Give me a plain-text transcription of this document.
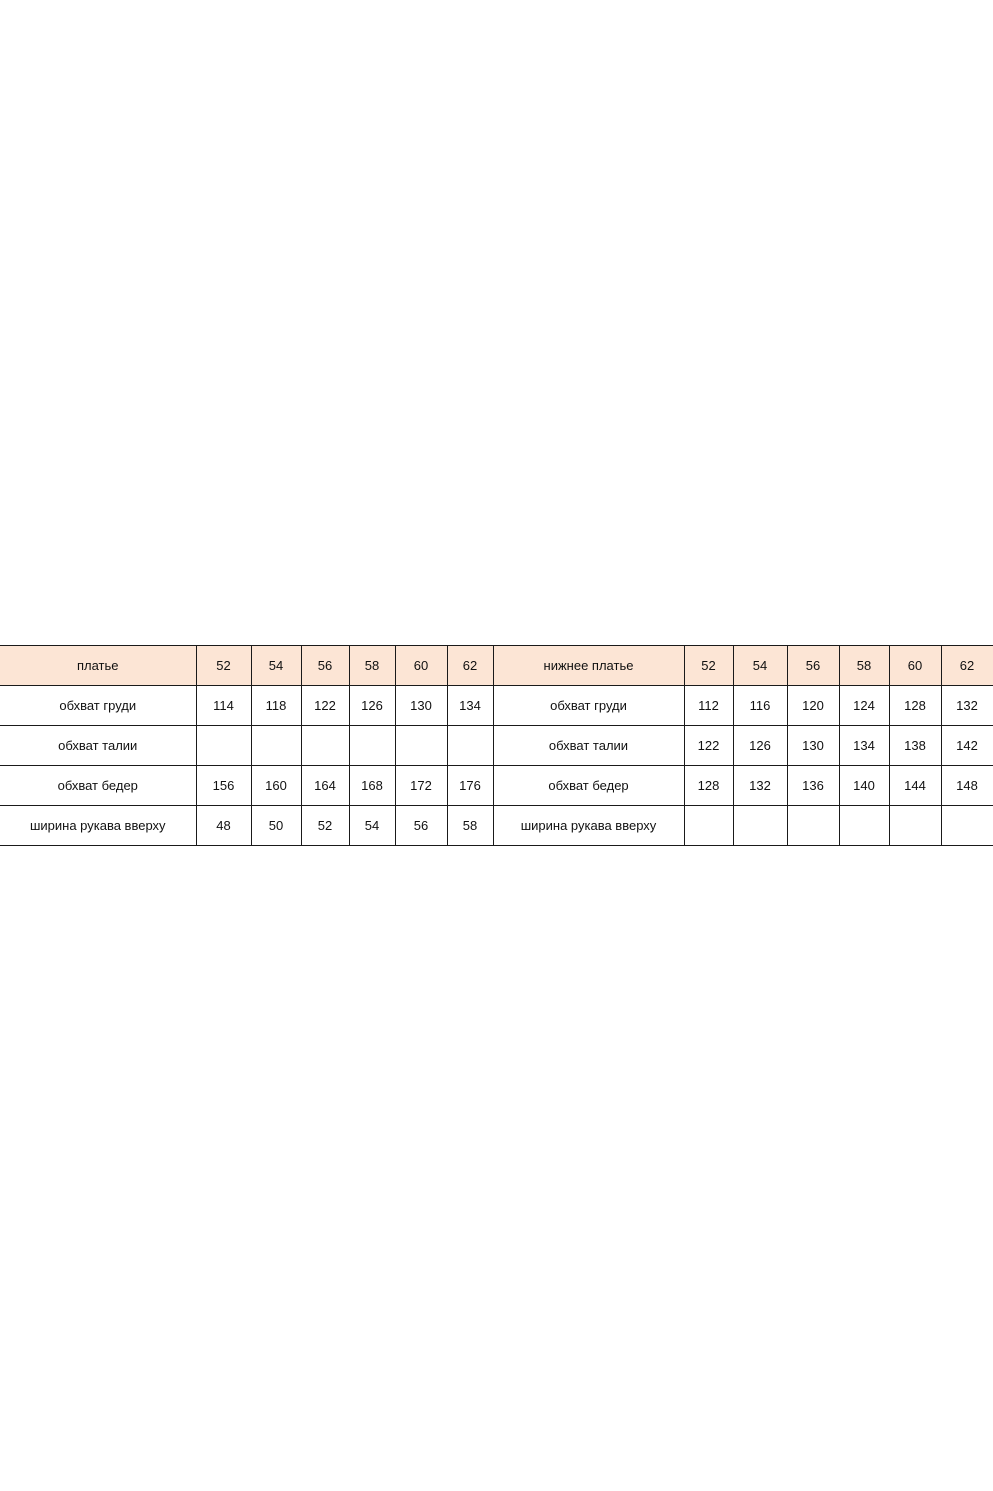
платье	52	54	56	58	60	62	нижнее платье	52	54	56	58	60	62
обхват груди	114	118	122	126	130	134	обхват груди	112	116	120	124	128	132
обхват талии							обхват талии	122	126	130	134	138	142
обхват бедер	156	160	164	168	172	176	обхват бедер	128	132	136	140	144	148
ширина рукава вверху	48	50	52	54	56	58	ширина рукава вверху						
